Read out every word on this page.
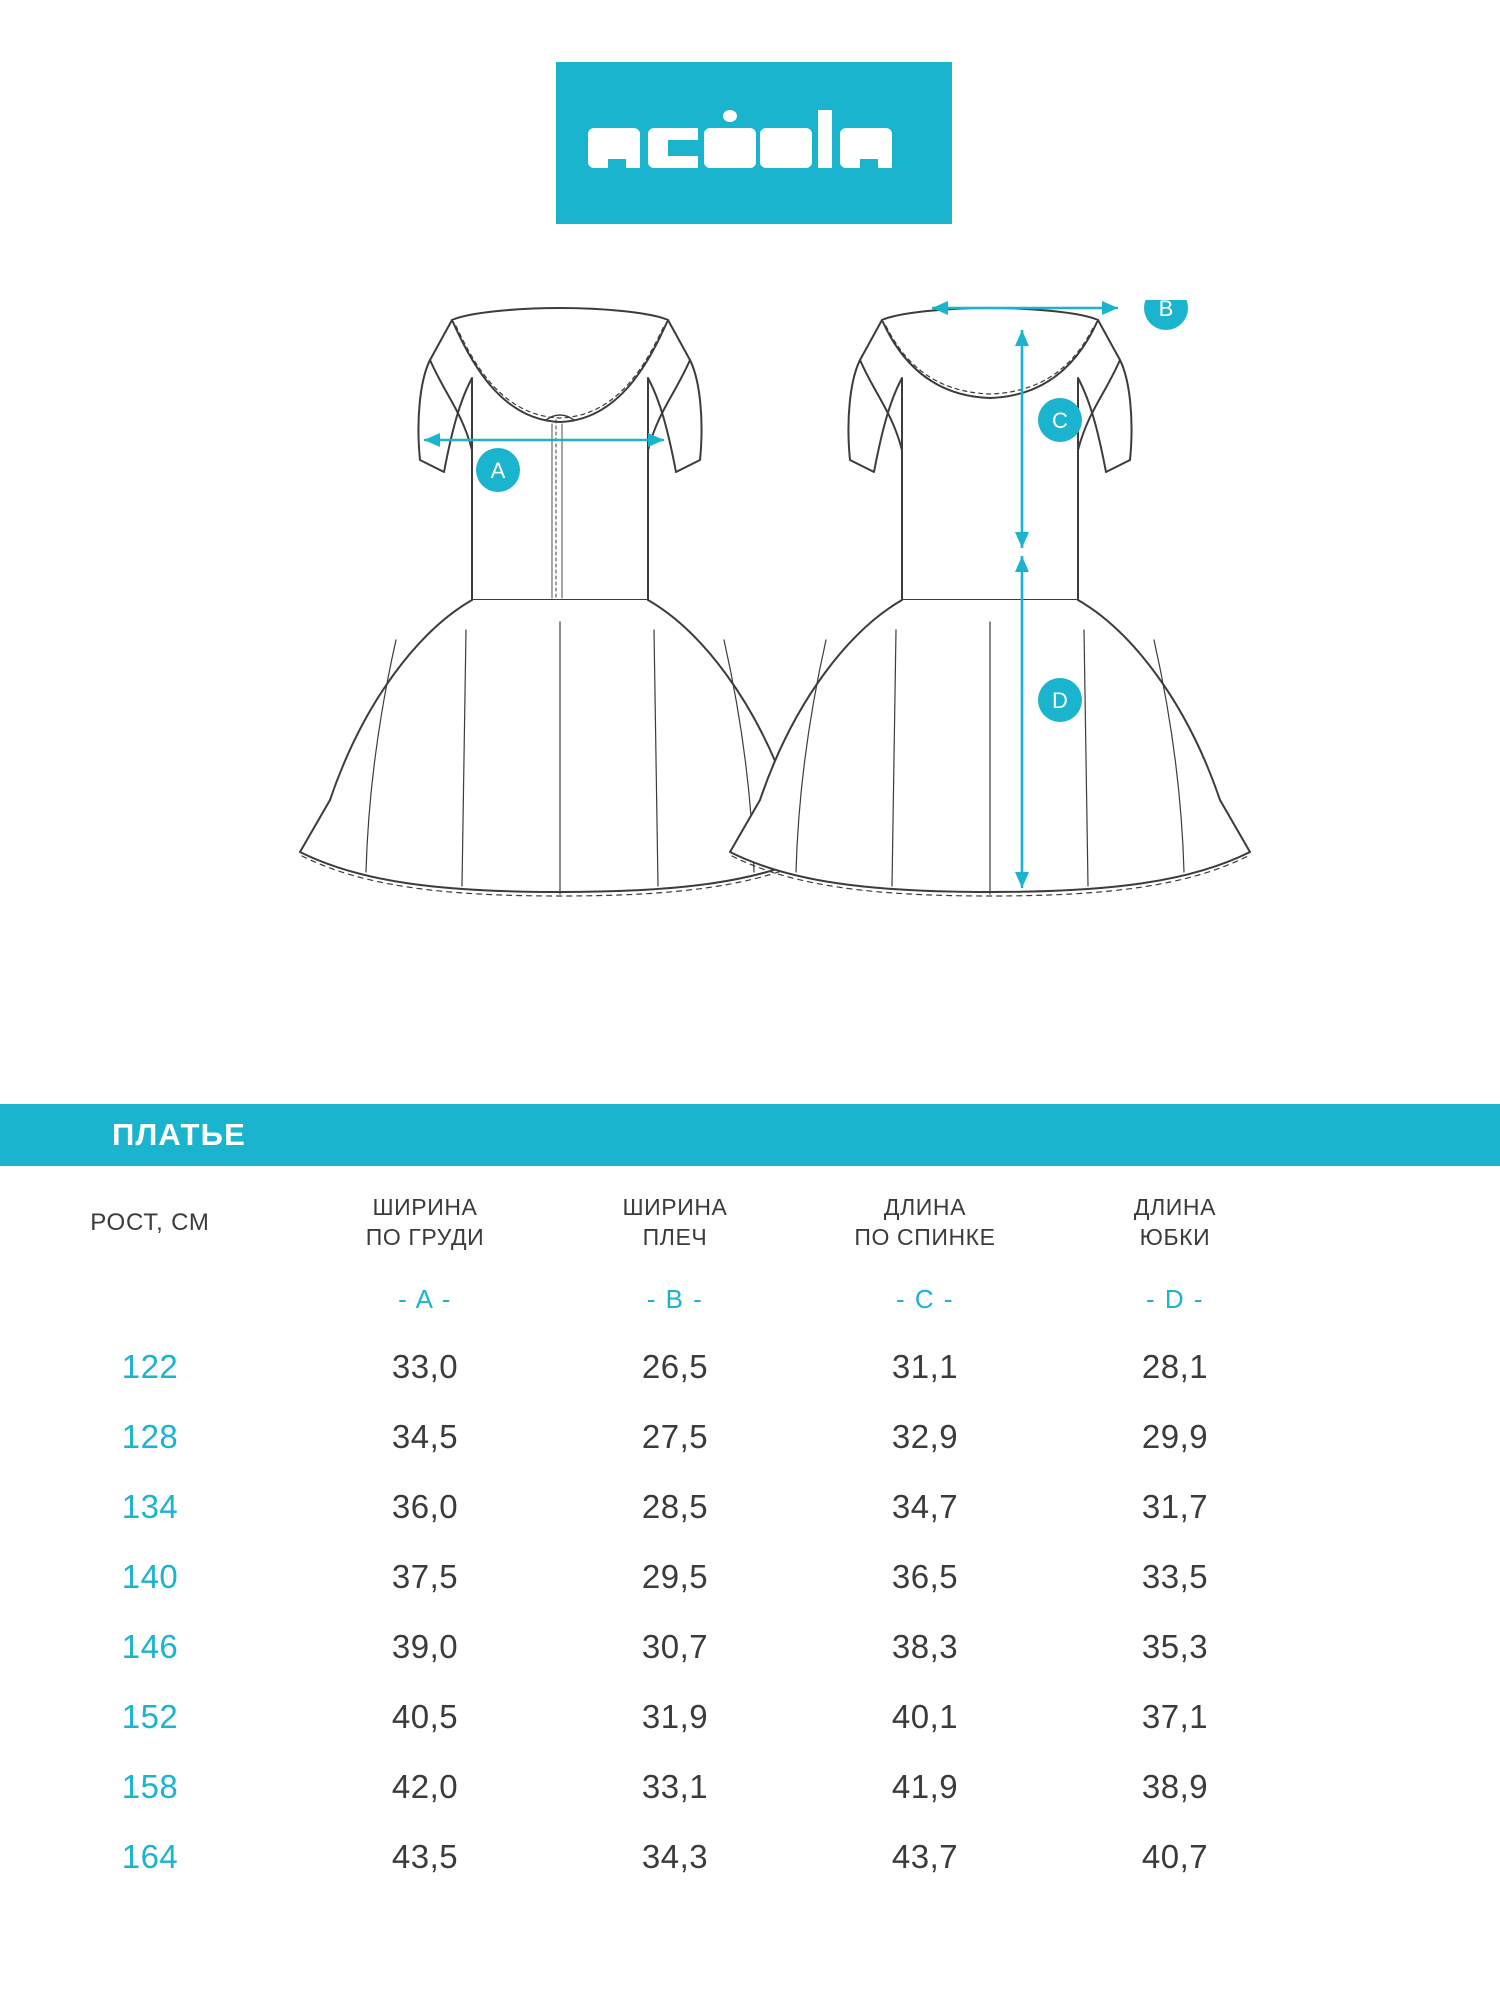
A
B
C
D
ПЛАТЬЕ
РОСТ, СМ

ШИРИНА
ПО ГРУДИ

ШИРИНА
ПЛЕЧ

ДЛИНА
ПО СПИНКЕ

ДЛИНА
ЮБКИ

	- A -	- B -	- C -	- D -	
122	33,0	26,5	31,1	28,1	
128	34,5	27,5	32,9	29,9	
134	36,0	28,5	34,7	31,7	
140	37,5	29,5	36,5	33,5	
146	39,0	30,7	38,3	35,3	
152	40,5	31,9	40,1	37,1	
158	42,0	33,1	41,9	38,9	
164	43,5	34,3	43,7	40,7	
